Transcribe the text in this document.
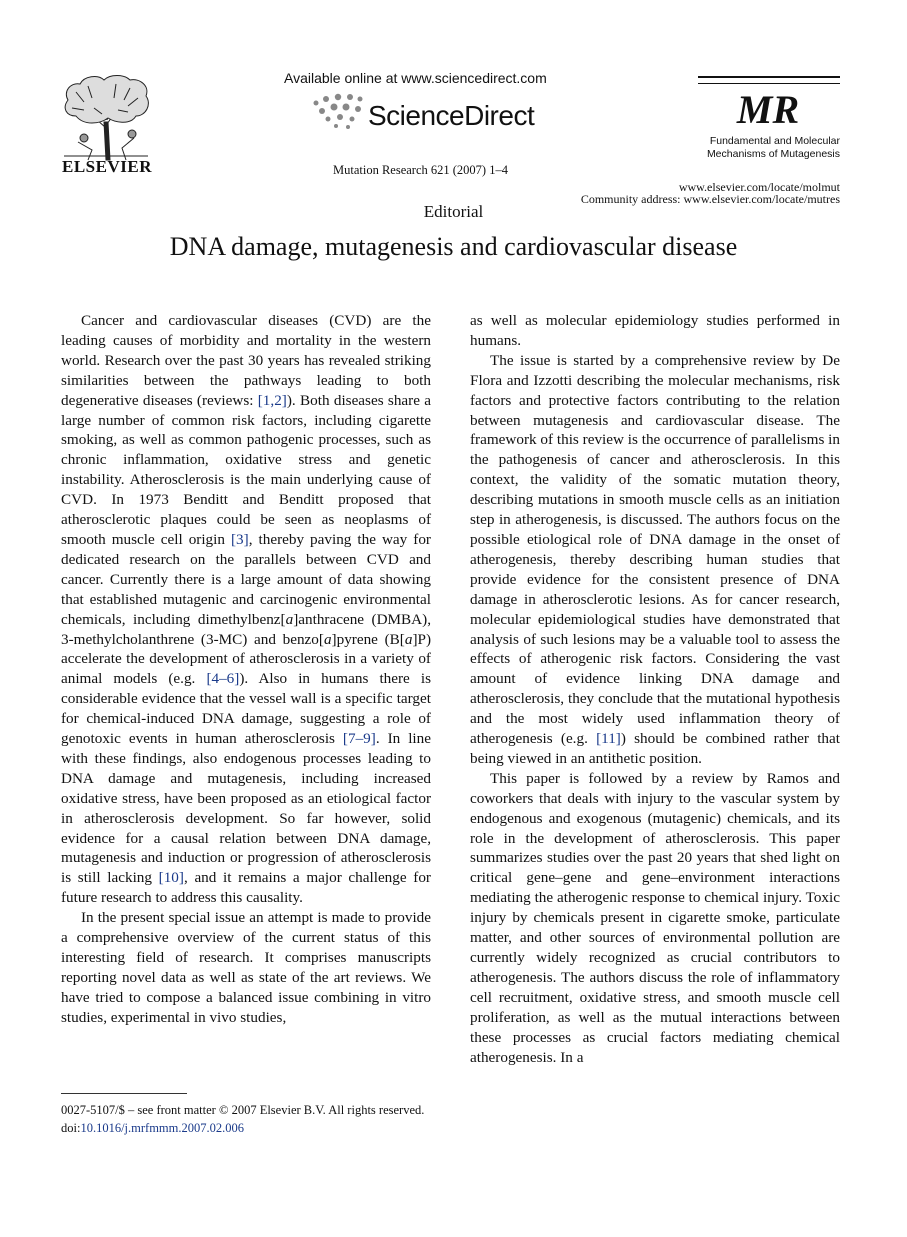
ELSEVIER
Available online at www.sciencedirect.com
ScienceDirect
Mutation Research 621 (2007) 1–4
MR
Fundamental and Molecular
Mechanisms of Mutagenesis
www.elsevier.com/locate/molmut
Community address: www.elsevier.com/locate/mutres
Editorial
DNA damage, mutagenesis and cardiovascular disease

Cancer and cardiovascular diseases (CVD) are the leading causes of morbidity and mortality in the western world. Research over the past 30 years has revealed striking similarities between the pathways leading to both degenerative diseases (reviews: [1,2]). Both diseases share a large number of common risk factors, including cigarette smoking, as well as common pathogenic processes, such as chronic inflammation, oxidative stress and genetic instability. Atherosclerosis is the main underlying cause of CVD. In 1973 Benditt and Benditt proposed that atherosclerotic plaques could be seen as neoplasms of smooth muscle cell origin [3], thereby paving the way for dedicated research on the parallels between CVD and cancer. Currently there is a large amount of data showing that established mutagenic and carcinogenic environmental chemicals, including dimethylbenz[a]anthracene (DMBA), 3-methylcholanthrene (3-MC) and benzo[a]pyrene (B[a]P) accelerate the development of atherosclerosis in a variety of animal models (e.g. [4–6]). Also in humans there is considerable evidence that the vessel wall is a specific target for chemical-induced DNA damage, suggesting a role of genotoxic events in human atherosclerosis [7–9]. In line with these findings, also endogenous processes leading to DNA damage and mutagenesis, including increased oxidative stress, have been proposed as an etiological factor in atherosclerosis development. So far however, solid evidence for a causal relation between DNA damage, mutagenesis and induction or progression of atherosclerosis is still lacking [10], and it remains a major challenge for future research to address this causality.

In the present special issue an attempt is made to provide a comprehensive overview of the current status of this interesting field of research. It comprises manuscripts reporting novel data as well as state of the art reviews. We have tried to compose a balanced issue combining in vitro studies, experimental in vivo studies,

as well as molecular epidemiology studies performed in humans.

The issue is started by a comprehensive review by De Flora and Izzotti describing the molecular mechanisms, risk factors and protective factors contributing to the relation between mutagenesis and cardiovascular disease. The framework of this review is the occurrence of parallelisms in the pathogenesis of cancer and atherosclerosis. In this context, the validity of the somatic mutation theory, describing mutations in smooth muscle cells as an initiation step in atherogenesis, is discussed. The authors focus on the possible etiological role of DNA damage in the onset of atherogenesis, thereby describing human studies that provide evidence for the consistent presence of DNA damage in atherosclerotic lesions. As for cancer research, molecular epidemiological studies have demonstrated that analysis of such lesions may be a valuable tool to assess the effects of atherogenic risk factors. Considering the vast amount of evidence linking DNA damage and atherosclerosis, they conclude that the mutational hypothesis and the most widely used inflammation theory of atherogenesis (e.g. [11]) should be combined rather that being viewed in an antithetic position.

This paper is followed by a review by Ramos and coworkers that deals with injury to the vascular system by endogenous and exogenous (mutagenic) chemicals, and its role in the development of atherosclerosis. This paper summarizes studies over the past 20 years that shed light on critical gene–gene and gene–environment interactions mediating the atherogenic response to chemical injury. Toxic injury by chemicals present in cigarette smoke, particulate matter, and other sources of environmental pollution are currently widely recognized as crucial contributors to atherogenesis. The authors discuss the role of inflammatory cell recruitment, oxidative stress, and smooth muscle cell proliferation, as well as the mutual interactions between these processes as crucial factors mediating chemical atherogenesis. In a

0027-5107/$ – see front matter © 2007 Elsevier B.V. All rights reserved.
doi:10.1016/j.mrfmmm.2007.02.006
